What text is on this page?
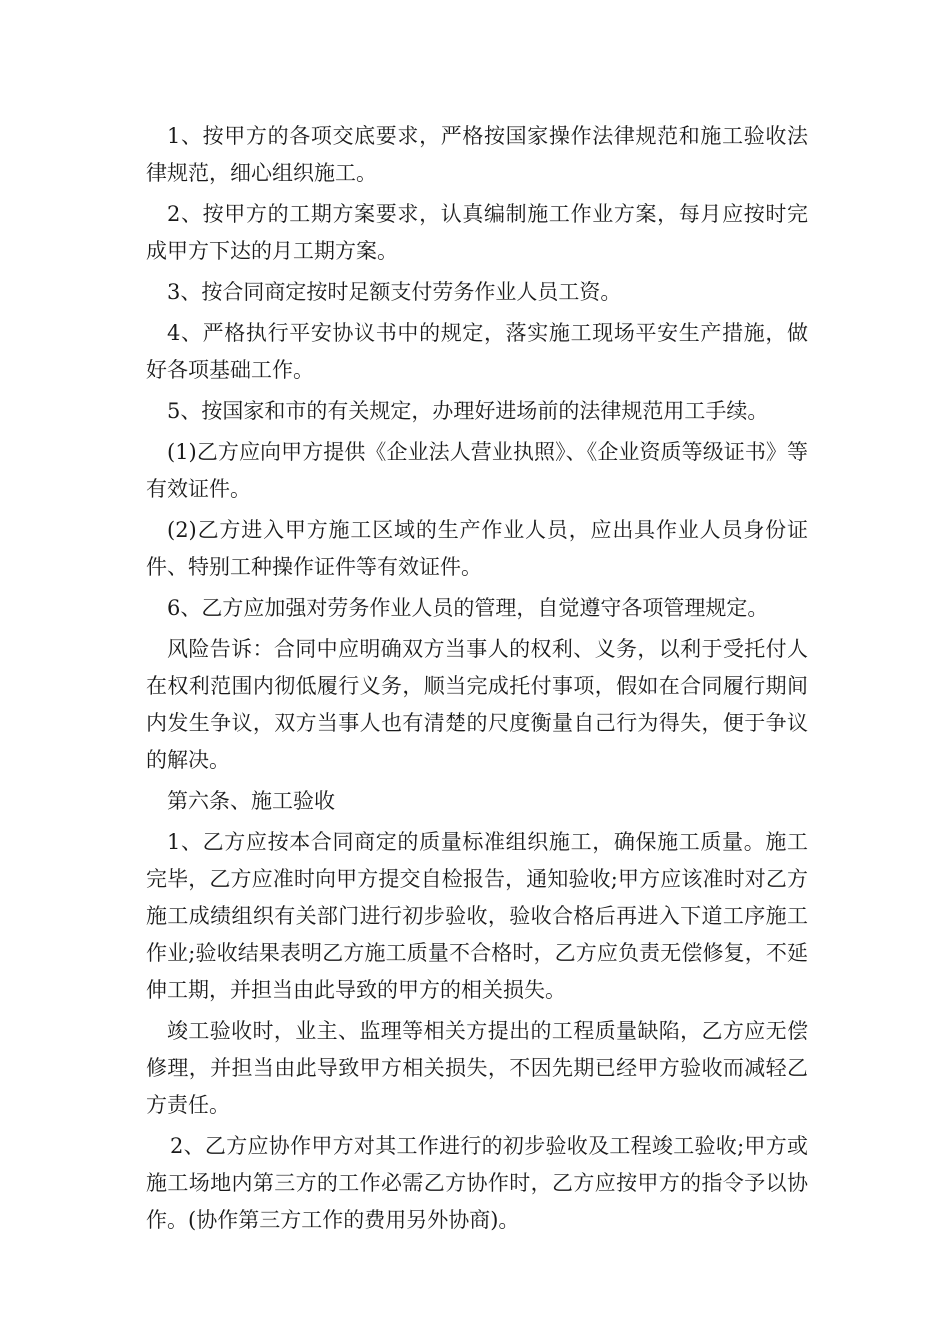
1、按甲方的各项交底要求，严格按国家操作法律规范和施工验收法律规范，细心组织施工。

2、按甲方的工期方案要求，认真编制施工作业方案，每月应按时完成甲方下达的月工期方案。

3、按合同商定按时足额支付劳务作业人员工资。

4、严格执行平安协议书中的规定，落实施工现场平安生产措施，做好各项基础工作。

5、按国家和市的有关规定，办理好进场前的法律规范用工手续。

(1)乙方应向甲方提供《企业法人营业执照》、《企业资质等级证书》等有效证件。

(2)乙方进入甲方施工区域的生产作业人员，应出具作业人员身份证件、特别工种操作证件等有效证件。

6、乙方应加强对劳务作业人员的管理，自觉遵守各项管理规定。

风险告诉：合同中应明确双方当事人的权利、义务，以利于受托付人在权利范围内彻低履行义务，顺当完成托付事项，假如在合同履行期间内发生争议，双方当事人也有清楚的尺度衡量自己行为得失，便于争议的解决。

第六条、施工验收

1、乙方应按本合同商定的质量标准组织施工，确保施工质量。施工完毕，乙方应准时向甲方提交自检报告，通知验收;甲方应该准时对乙方施工成绩组织有关部门进行初步验收，验收合格后再进入下道工序施工作业;验收结果表明乙方施工质量不合格时，乙方应负责无偿修复，不延伸工期，并担当由此导致的甲方的相关损失。

竣工验收时，业主、监理等相关方提出的工程质量缺陷，乙方应无偿修理，并担当由此导致甲方相关损失，不因先期已经甲方验收而减轻乙方责任。

2、乙方应协作甲方对其工作进行的初步验收及工程竣工验收;甲方或施工场地内第三方的工作必需乙方协作时，乙方应按甲方的指令予以协作。(协作第三方工作的费用另外协商)。
